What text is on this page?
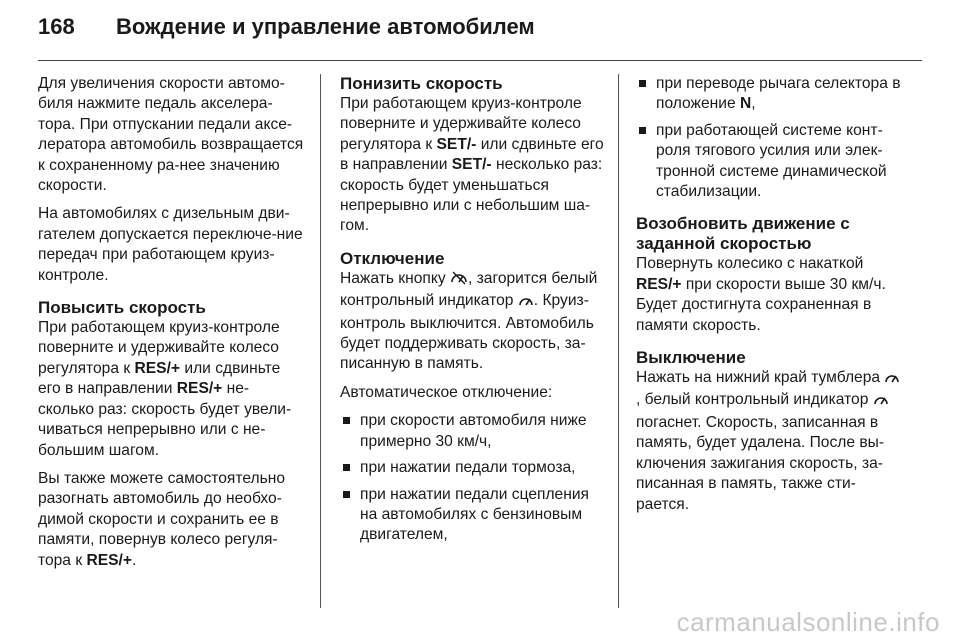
168	Вождение и управление автомобилем

Для увеличения скорости автомо-биля нажмите педаль акселера-тора. При отпускании педали аксе-лератора автомобиль возвращается к сохраненному ра-нее значению скорости.

На автомобилях с дизельным дви-гателем допускается переключе-ние передач при работающем круиз-контроле.

Повысить скорость

При работающем круиз-контроле поверните и удерживайте колесо регулятора к RES/+ или сдвиньте его в направлении RES/+ не-сколько раз: скорость будет увели-чиваться непрерывно или с не-большим шагом.

Вы также можете самостоятельно разогнать автомобиль до необхо-димой скорости и сохранить ее в памяти, повернув колесо регуля-тора к RES/+.

Понизить скорость

При работающем круиз-контроле поверните и удерживайте колесо регулятора к SET/- или сдвиньте его в направлении SET/- несколько раз: скорость будет уменьшаться непрерывно или с небольшим ша-гом.

Отключение

Нажать кнопку , загорится белый контрольный индикатор . Круиз-контроль выключится. Автомобиль будет поддерживать скорость, за-писанную в память.

Автоматическое отключение:

при скорости автомобиля ниже примерно 30 км/ч,
при нажатии педали тормоза,
при нажатии педали сцепления на автомобилях с бензиновым двигателем,
при переводе рычага селектора в положение N,
при работающей системе конт-роля тягового усилия или элек-тронной системе динамической стабилизации.
Возобновить движение с заданной скоростью

Повернуть колесико с накаткой RES/+ при скорости выше 30 км/ч. Будет достигнута сохраненная в памяти скорость.

Выключение

Нажать на нижний край тумблера , белый контрольный индикатор  погаснет. Скорость, записанная в память, будет удалена. После вы-ключения зажигания скорость, за-писанная в память, также сти-рается.

carmanualsonline.info
